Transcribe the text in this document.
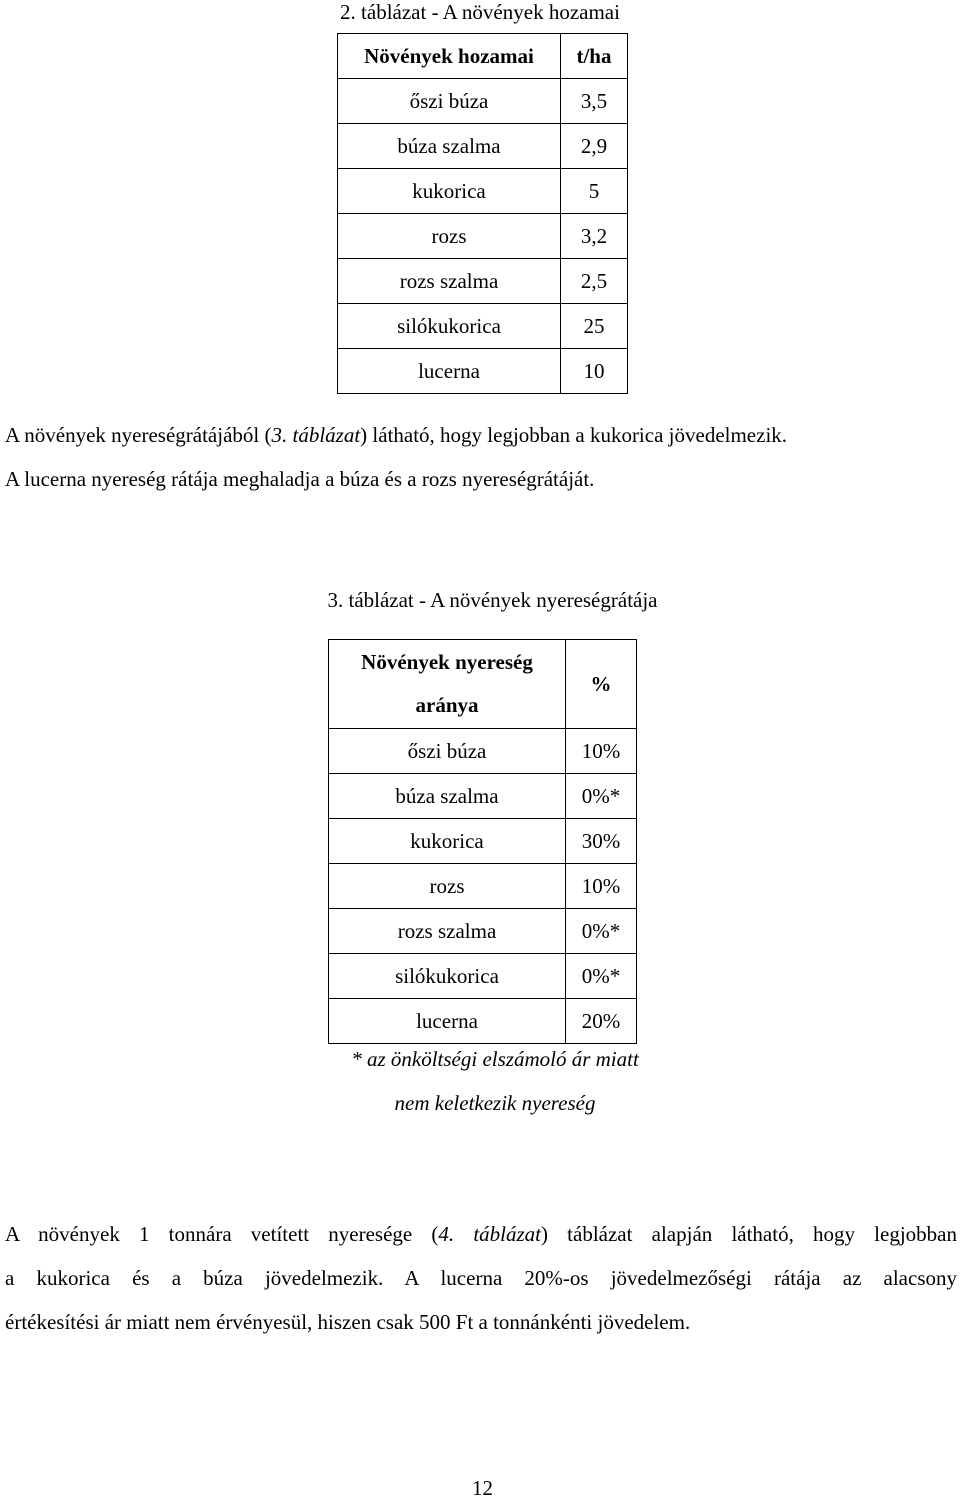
2. táblázat - A növények hozamai
Növények hozamai	t/ha
őszi búza	3,5
búza szalma	2,9
kukorica	5
rozs	3,2
rozs szalma	2,5
silókukorica	25
lucerna	10
A növények nyereségrátájából (3. táblázat) látható, hogy legjobban a kukorica jövedelmezik.
A lucerna nyereség rátája meghaladja a búza és a rozs nyereségrátáját.
3. táblázat - A növények nyereségrátája
Növények nyereség
aránya	%
őszi búza	10%
búza szalma	0%*
kukorica	30%
rozs	10%
rozs szalma	0%*
silókukorica	0%*
lucerna	20%
* az önköltségi elszámoló ár miatt
nem keletkezik nyereség
A növények 1 tonnára vetített nyeresége (4. táblázat) táblázat alapján látható, hogy legjobban
a kukorica és a búza jövedelmezik. A lucerna 20%-os jövedelmezőségi rátája az alacsony
értékesítési ár miatt nem érvényesül, hiszen csak 500 Ft a tonnánkénti jövedelem.
12
